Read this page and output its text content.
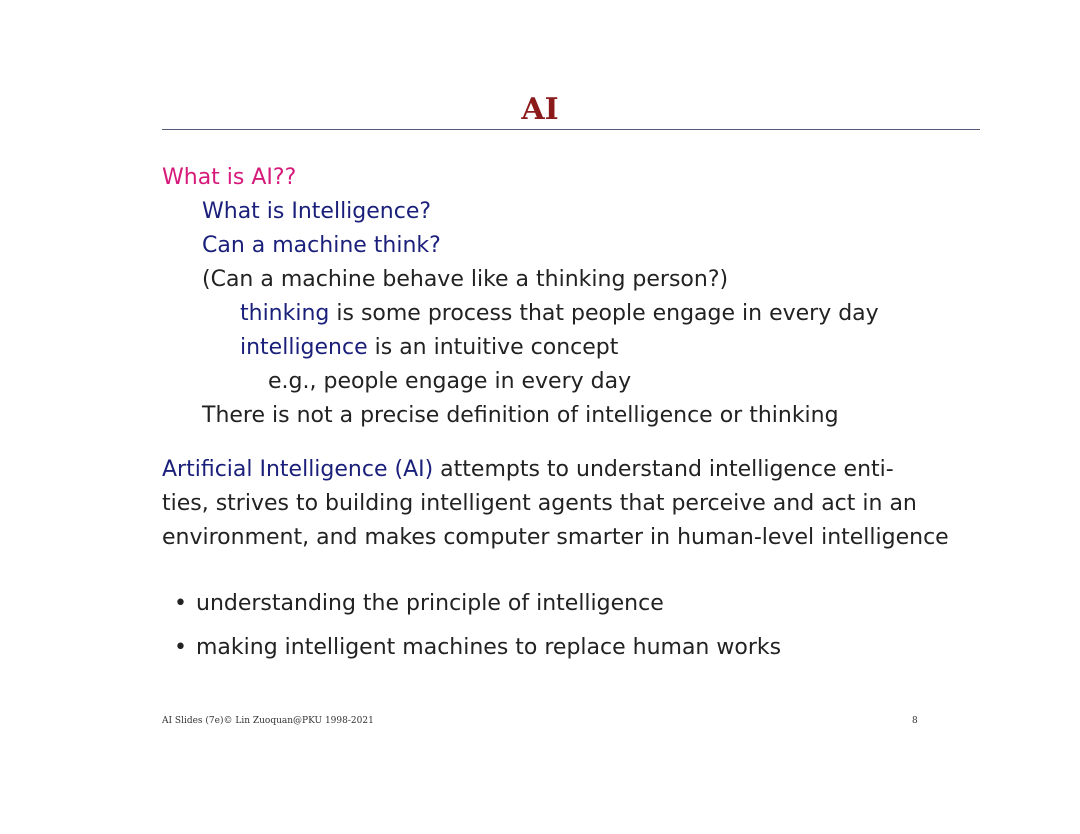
AI
What is AI??
What is Intelligence?
Can a machine think?
(Can a machine behave like a thinking person?)
thinking is some process that people engage in every day
intelligence is an intuitive concept
e.g., people engage in every day
There is not a precise definition of intelligence or thinking
Artificial Intelligence (AI) attempts to understand intelligence enti-
ties, strives to building intelligent agents that perceive and act in an
environment, and makes computer smarter in human-level intelligence
• understanding the principle of intelligence
• making intelligent machines to replace human works
AI Slides (7e)© Lin Zuoquan@PKU 1998-2021	8
